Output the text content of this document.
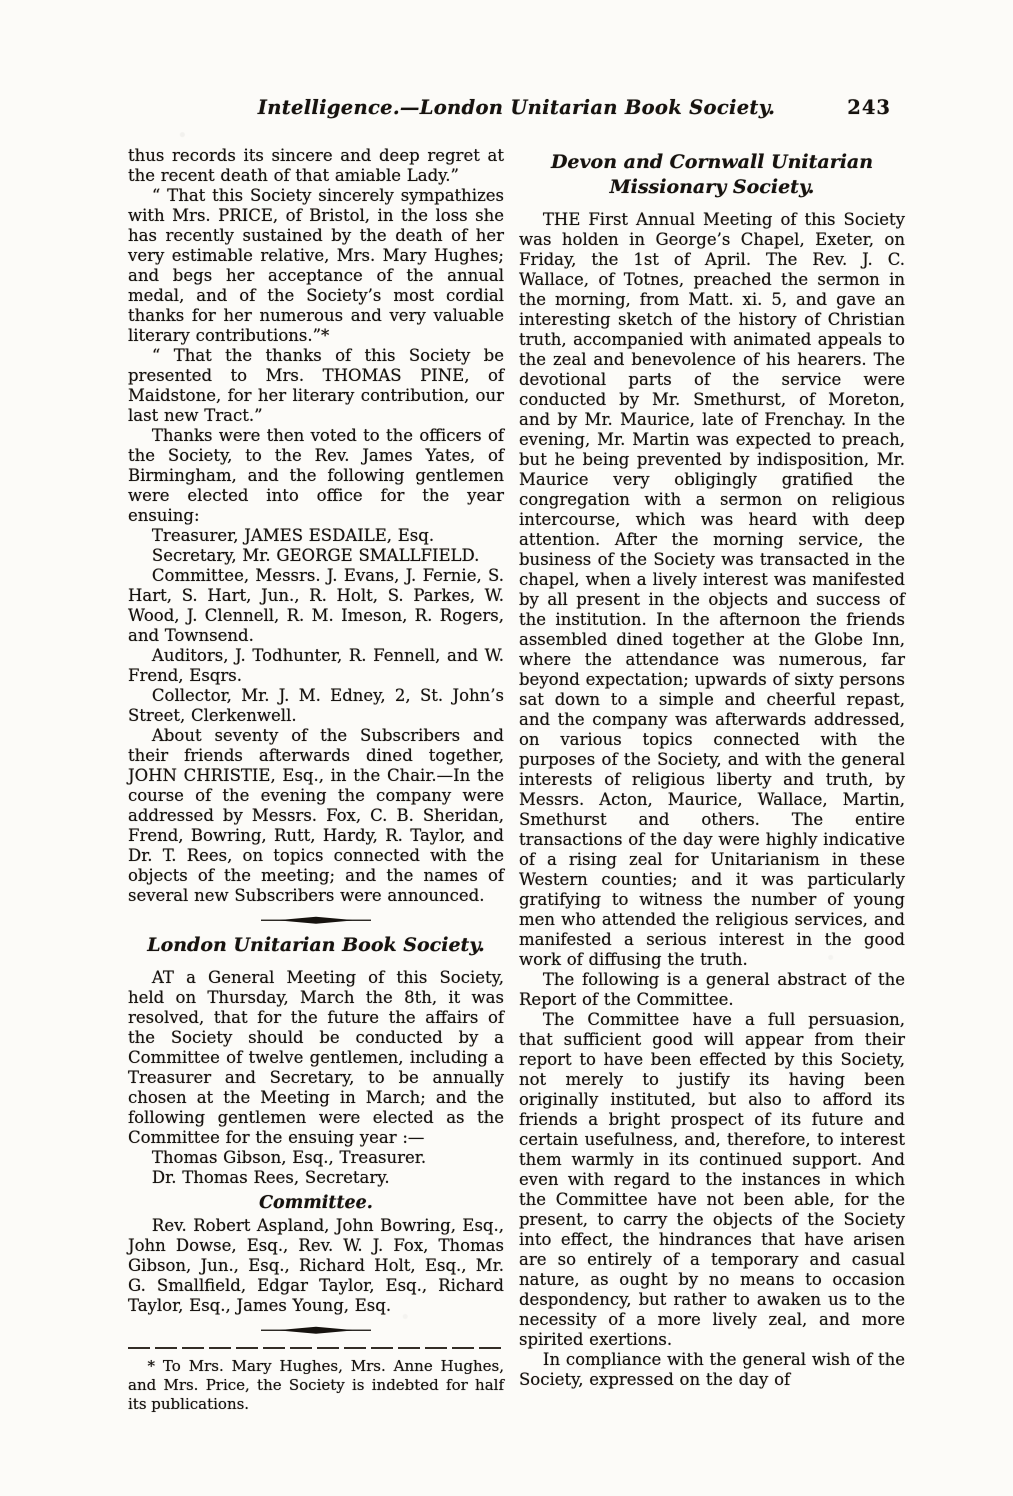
Intelligence.—London Unitarian Book Society.	243

thus records its sincere and deep regret at the recent death of that amiable Lady.”

“ That this Society sincerely sympathizes with Mrs. PRICE, of Bristol, in the loss she has recently sustained by the death of her very estimable relative, Mrs. Mary Hughes; and begs her acceptance of the annual medal, and of the Society’s most cordial thanks for her numerous and very valuable literary contributions.”*

“ That the thanks of this Society be presented to Mrs. THOMAS PINE, of Maidstone, for her literary contribution, our last new Tract.”

Thanks were then voted to the officers of the Society, to the Rev. James Yates, of Birmingham, and the following gentlemen were elected into office for the year ensuing:

Treasurer, JAMES ESDAILE, Esq.

Secretary, Mr. GEORGE SMALLFIELD.

Committee, Messrs. J. Evans, J. Fernie, S. Hart, S. Hart, Jun., R. Holt, S. Parkes, W. Wood, J. Clennell, R. M. Imeson, R. Rogers, and Townsend.

Auditors, J. Todhunter, R. Fennell, and W. Frend, Esqrs.

Collector, Mr. J. M. Edney, 2, St. John’s Street, Clerkenwell.

About seventy of the Subscribers and their friends afterwards dined together, JOHN CHRISTIE, Esq., in the Chair.—In the course of the evening the company were addressed by Messrs. Fox, C. B. Sheridan, Frend, Bowring, Rutt, Hardy, R. Taylor, and Dr. T. Rees, on topics connected with the objects of the meeting; and the names of several new Subscribers were announced.

London Unitarian Book Society.

AT a General Meeting of this Society, held on Thursday, March the 8th, it was resolved, that for the future the affairs of the Society should be conducted by a Committee of twelve gentlemen, including a Treasurer and Secretary, to be annually chosen at the Meeting in March; and the following gentlemen were elected as the Committee for the ensuing year :—

Thomas Gibson, Esq., Treasurer.

Dr. Thomas Rees, Secretary.

Committee.

Rev. Robert Aspland, John Bowring, Esq., John Dowse, Esq., Rev. W. J. Fox, Thomas Gibson, Jun., Esq., Richard Holt, Esq., Mr. G. Smallfield, Edgar Taylor, Esq., Richard Taylor, Esq., James Young, Esq.

* To Mrs. Mary Hughes, Mrs. Anne Hughes, and Mrs. Price, the Society is indebted for half its publications.

Devon and Cornwall Unitarian Missionary Society.

THE First Annual Meeting of this Society was holden in George’s Chapel, Exeter, on Friday, the 1st of April. The Rev. J. C. Wallace, of Totnes, preached the sermon in the morning, from Matt. xi. 5, and gave an interesting sketch of the history of Christian truth, accompanied with animated appeals to the zeal and benevolence of his hearers. The devotional parts of the service were conducted by Mr. Smethurst, of Moreton, and by Mr. Maurice, late of Frenchay. In the evening, Mr. Martin was expected to preach, but he being prevented by indisposition, Mr. Maurice very obligingly gratified the congregation with a sermon on religious intercourse, which was heard with deep attention. After the morning service, the business of the Society was transacted in the chapel, when a lively interest was manifested by all present in the objects and success of the institution. In the afternoon the friends assembled dined together at the Globe Inn, where the attendance was numerous, far beyond expectation; upwards of sixty persons sat down to a simple and cheerful repast, and the company was afterwards addressed, on various topics connected with the purposes of the Society, and with the general interests of religious liberty and truth, by Messrs. Acton, Maurice, Wallace, Martin, Smethurst and others. The entire transactions of the day were highly indicative of a rising zeal for Unitarianism in these Western counties; and it was particularly gratifying to witness the number of young men who attended the religious services, and manifested a serious interest in the good work of diffusing the truth.

The following is a general abstract of the Report of the Committee.

The Committee have a full persuasion, that sufficient good will appear from their report to have been effected by this Society, not merely to justify its having been originally instituted, but also to afford its friends a bright prospect of its future and certain usefulness, and, therefore, to interest them warmly in its continued support. And even with regard to the instances in which the Committee have not been able, for the present, to carry the objects of the Society into effect, the hindrances that have arisen are so entirely of a temporary and casual nature, as ought by no means to occasion despondency, but rather to awaken us to the necessity of a more lively zeal, and more spirited exertions.

In compliance with the general wish of the Society, expressed on the day of
